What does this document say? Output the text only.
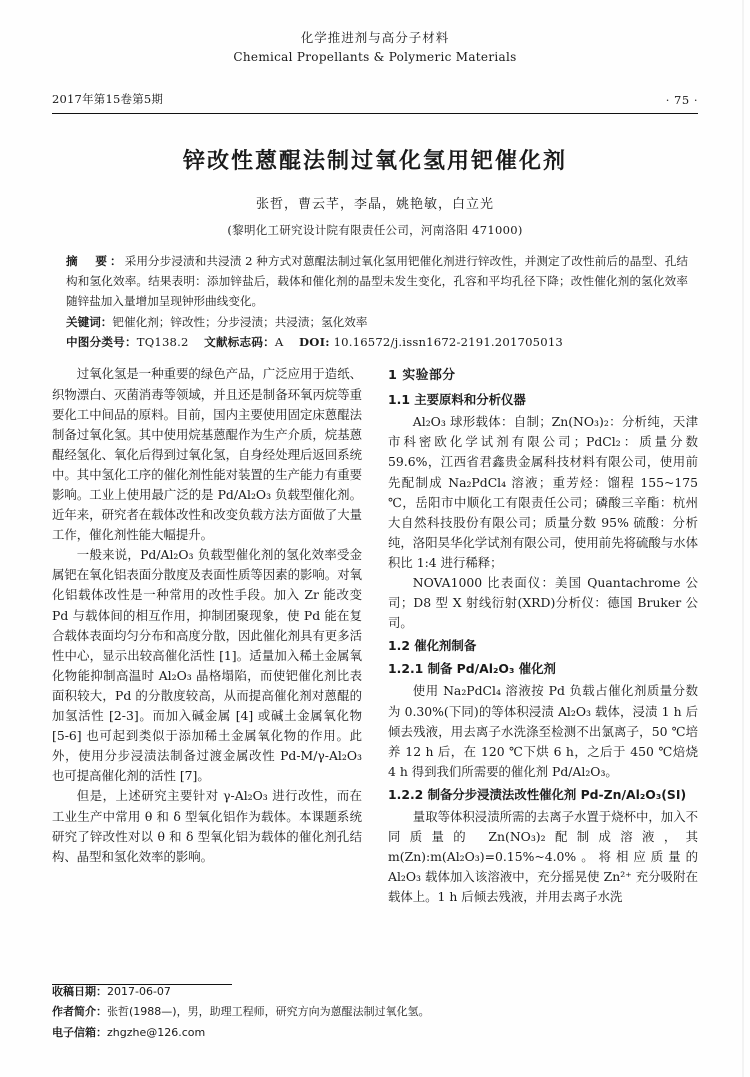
化学推进剂与高分子材料
Chemical Propellants & Polymeric Materials
2017年第15卷第5期	· 75 ·
锌改性蒽醌法制过氧化氢用钯催化剂
张哲，曹云芊，李晶，姚艳敏，白立光
(黎明化工研究设计院有限责任公司，河南洛阳 471000)
摘　要：采用分步浸渍和共浸渍 2 种方式对蒽醌法制过氧化氢用钯催化剂进行锌改性，并测定了改性前后的晶型、孔结构和氢化效率。结果表明：添加锌盐后，载体和催化剂的晶型未发生变化，孔容和平均孔径下降；改性催化剂的氢化效率随锌盐加入量增加呈现钟形曲线变化。
关键词：钯催化剂；锌改性；分步浸渍；共浸渍；氢化效率
中图分类号：TQ138.2 文献标志码：A DOI: 10.16572/j.issn1672-2191.201705013

过氧化氢是一种重要的绿色产品，广泛应用于造纸、织物漂白、灭菌消毒等领域，并且还是制备环氧丙烷等重要化工中间品的原料。目前，国内主要使用固定床蒽醌法制备过氧化氢。其中使用烷基蒽醌作为生产介质，烷基蒽醌经氢化、氧化后得到过氧化氢，自身经处理后返回系统中。其中氢化工序的催化剂性能对装置的生产能力有重要影响。工业上使用最广泛的是 Pd/Al₂O₃ 负载型催化剂。近年来，研究者在载体改性和改变负载方法方面做了大量工作，催化剂性能大幅提升。

一般来说，Pd/Al₂O₃ 负载型催化剂的氢化效率受金属钯在氧化铝表面分散度及表面性质等因素的影响。对氧化铝载体改性是一种常用的改性手段。加入 Zr 能改变 Pd 与载体间的相互作用，抑制团聚现象，使 Pd 能在复合载体表面均匀分布和高度分散，因此催化剂具有更多活性中心，显示出较高催化活性 [1]。适量加入稀土金属氧化物能抑制高温时 Al₂O₃ 晶格塌陷，而使钯催化剂比表面积较大，Pd 的分散度较高，从而提高催化剂对蒽醌的加氢活性 [2-3]。而加入碱金属 [4] 或碱土金属氧化物 [5-6] 也可起到类似于添加稀土金属氧化物的作用。此外，使用分步浸渍法制备过渡金属改性 Pd-M/γ-Al₂O₃ 也可提高催化剂的活性 [7]。

但是，上述研究主要针对 γ-Al₂O₃ 进行改性，而在工业生产中常用 θ 和 δ 型氧化铝作为载体。本课题系统研究了锌改性对以 θ 和 δ 型氧化铝为载体的催化剂孔结构、晶型和氢化效率的影响。

1 实验部分
1.1 主要原料和分析仪器

Al₂O₃ 球形载体：自制；Zn(NO₃)₂：分析纯，天津市科密欧化学试剂有限公司；PdCl₂：质量分数 59.6%，江西省君鑫贵金属科技材料有限公司，使用前先配制成 Na₂PdCl₄ 溶液；重芳烃：馏程 155~175 ℃，岳阳市中顺化工有限责任公司；磷酸三辛酯：杭州大自然科技股份有限公司；质量分数 95% 硫酸：分析纯，洛阳昊华化学试剂有限公司，使用前先将硫酸与水体积比 1:4 进行稀释；

NOVA1000 比表面仪：美国 Quantachrome 公司；D8 型 X 射线衍射(XRD)分析仪：德国 Bruker 公司。

1.2 催化剂制备
1.2.1 制备 Pd/Al₂O₃ 催化剂

使用 Na₂PdCl₄ 溶液按 Pd 负载占催化剂质量分数为 0.30%(下同)的等体积浸渍 Al₂O₃ 载体，浸渍 1 h 后倾去残液，用去离子水洗涤至检测不出氯离子，50 ℃培养 12 h 后，在 120 ℃下烘 6 h，之后于 450 ℃焙烧 4 h 得到我们所需要的催化剂 Pd/Al₂O₃。

1.2.2 制备分步浸渍法改性催化剂 Pd-Zn/Al₂O₃(SI)

量取等体积浸渍所需的去离子水置于烧杯中，加入不同质量的 Zn(NO₃)₂配制成溶液，其 m(Zn):m(Al₂O₃)=0.15%~4.0%。将相应质量的 Al₂O₃ 载体加入该溶液中，充分摇晃使 Zn²⁺ 充分吸附在载体上。1 h 后倾去残液，并用去离子水洗

收稿日期：2017-06-07
作者简介：张哲(1988—)，男，助理工程师，研究方向为蒽醌法制过氧化氢。
电子信箱：zhgzhe@126.com
